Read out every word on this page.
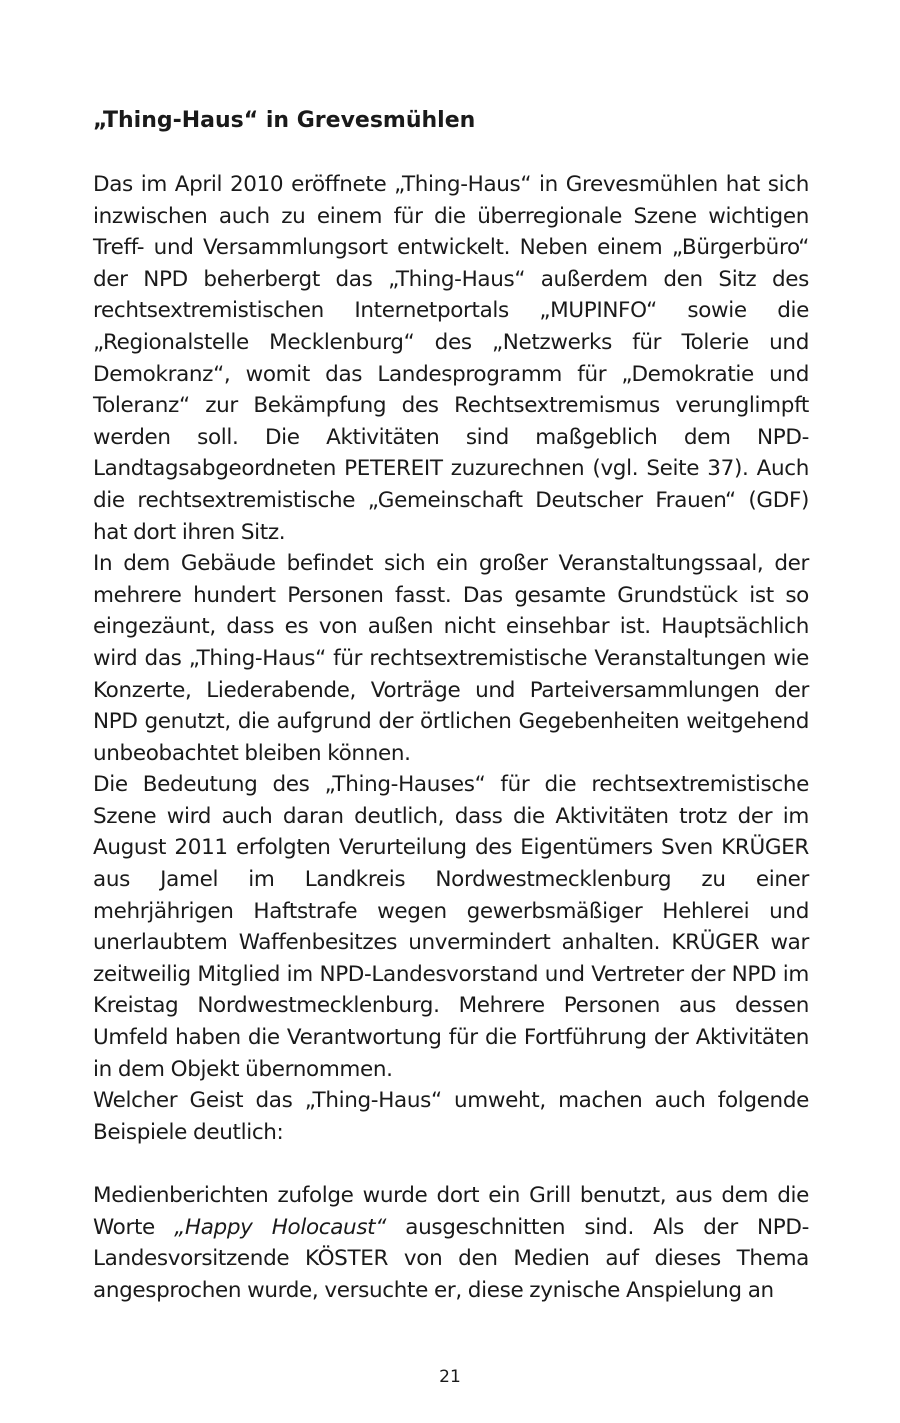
„Thing-Haus“ in Grevesmühlen

Das im April 2010 eröffnete „Thing-Haus“ in Grevesmühlen hat sich inzwischen auch zu einem für die überregionale Szene wichtigen Treff- und Versammlungsort entwickelt. Neben einem „Bürgerbüro“ der NPD beherbergt das „Thing-Haus“ außerdem den Sitz des rechtsextremistischen Internetportals „MUPINFO“ sowie die „Regionalstelle Mecklenburg“ des „Netzwerks für Tolerie und Demokranz“, womit das Landesprogramm für „Demokratie und Toleranz“ zur Bekämpfung des Rechtsextremismus verunglimpft werden soll. Die Aktivitäten sind maßgeblich dem NPD-Landtagsabgeordneten PETEREIT zuzurechnen (vgl. Seite 37). Auch die rechtsextremistische „Gemeinschaft Deutscher Frauen“ (GDF) hat dort ihren Sitz.

In dem Gebäude befindet sich ein großer Veranstaltungssaal, der mehrere hundert Personen fasst. Das gesamte Grundstück ist so eingezäunt, dass es von außen nicht einsehbar ist. Hauptsächlich wird das „Thing-Haus“ für rechtsextremistische Veranstaltungen wie Konzerte, Liederabende, Vorträge und Parteiversammlungen der NPD genutzt, die aufgrund der örtlichen Gegebenheiten weitgehend unbeobachtet bleiben können.

Die Bedeutung des „Thing-Hauses“ für die rechtsextremistische Szene wird auch daran deutlich, dass die Aktivitäten trotz der im August 2011 erfolgten Verurteilung des Eigentümers Sven KRÜGER aus Jamel im Landkreis Nordwestmecklenburg zu einer mehrjährigen Haftstrafe wegen gewerbsmäßiger Hehlerei und unerlaubtem Waffenbesitzes unvermindert anhalten. KRÜGER war zeitweilig Mitglied im NPD-Landesvorstand und Vertreter der NPD im Kreistag Nordwestmecklenburg. Mehrere Personen aus dessen Umfeld haben die Verantwortung für die Fortführung der Aktivitäten in dem Objekt übernommen.

Welcher Geist das „Thing-Haus“ umweht, machen auch folgende Beispiele deutlich:

Medienberichten zufolge wurde dort ein Grill benutzt, aus dem die Worte „Happy Holocaust“ ausgeschnitten sind. Als der NPD-Landesvorsitzende KÖSTER von den Medien auf dieses Thema angesprochen wurde, versuchte er, diese zynische Anspielung an

21
